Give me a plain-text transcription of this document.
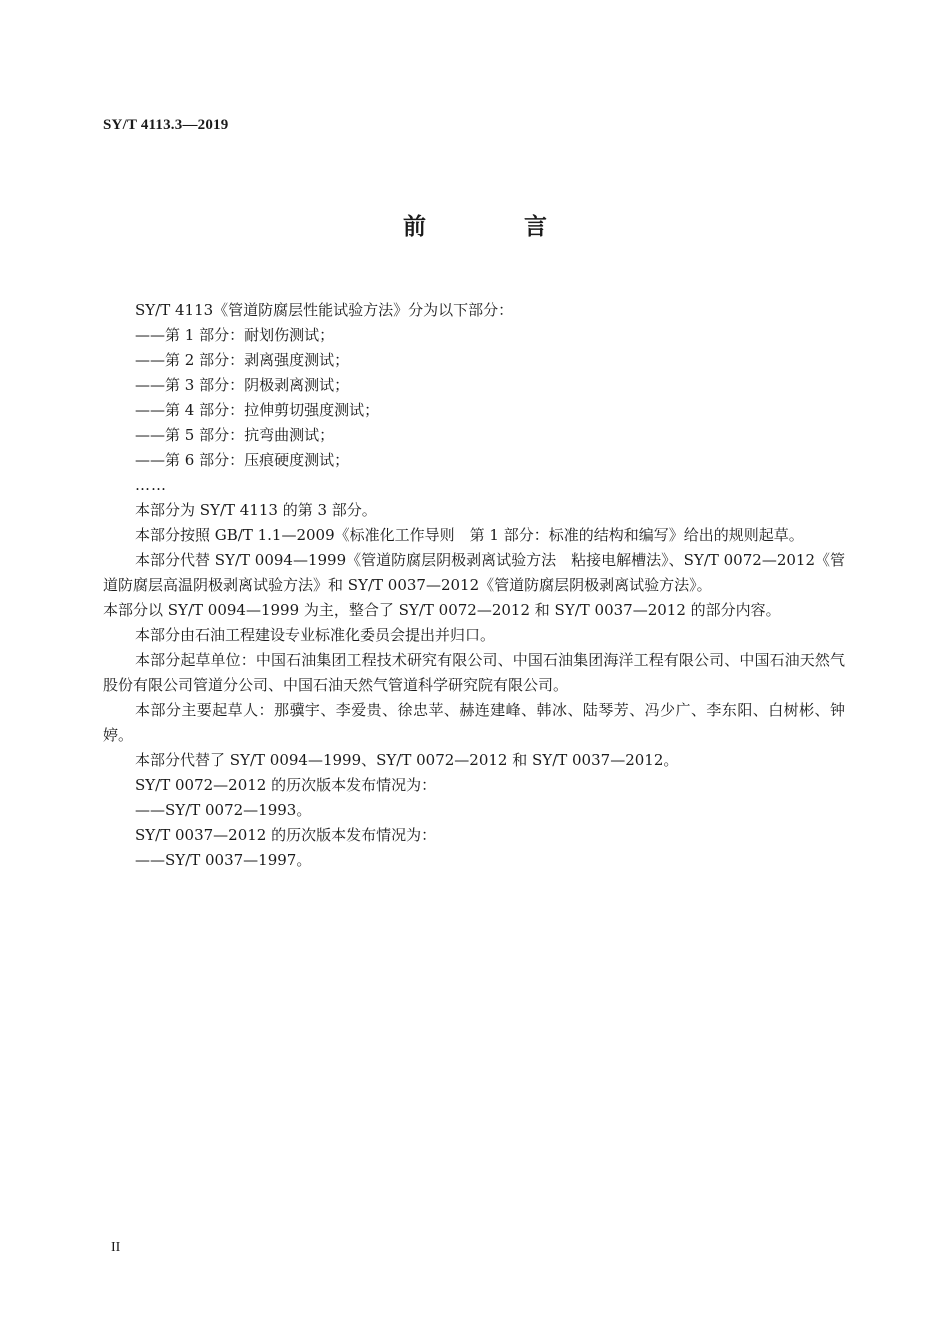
SY/T 4113.3—2019
前 言

SY/T 4113《管道防腐层性能试验方法》分为以下部分：

——第 1 部分：耐划伤测试；

——第 2 部分：剥离强度测试；

——第 3 部分：阴极剥离测试；

——第 4 部分：拉伸剪切强度测试；

——第 5 部分：抗弯曲测试；

——第 6 部分：压痕硬度测试；

……

本部分为 SY/T 4113 的第 3 部分。

本部分按照 GB/T 1.1—2009《标准化工作导则　第 1 部分：标准的结构和编写》给出的规则起草。

本部分代替 SY/T 0094—1999《管道防腐层阴极剥离试验方法　粘接电解槽法》、SY/T 0072—2012《管道防腐层高温阴极剥离试验方法》和 SY/T 0037—2012《管道防腐层阴极剥离试验方法》。

本部分以 SY/T 0094—1999 为主，整合了 SY/T 0072—2012 和 SY/T 0037—2012 的部分内容。

本部分由石油工程建设专业标准化委员会提出并归口。

本部分起草单位：中国石油集团工程技术研究有限公司、中国石油集团海洋工程有限公司、中国石油天然气股份有限公司管道分公司、中国石油天然气管道科学研究院有限公司。

本部分主要起草人：那骥宇、李爱贵、徐忠苹、赫连建峰、韩冰、陆琴芳、冯少广、李东阳、白树彬、钟婷。

本部分代替了 SY/T 0094—1999、SY/T 0072—2012 和 SY/T 0037—2012。

SY/T 0072—2012 的历次版本发布情况为：

——SY/T 0072—1993。

SY/T 0037—2012 的历次版本发布情况为：

——SY/T 0037—1997。

II
